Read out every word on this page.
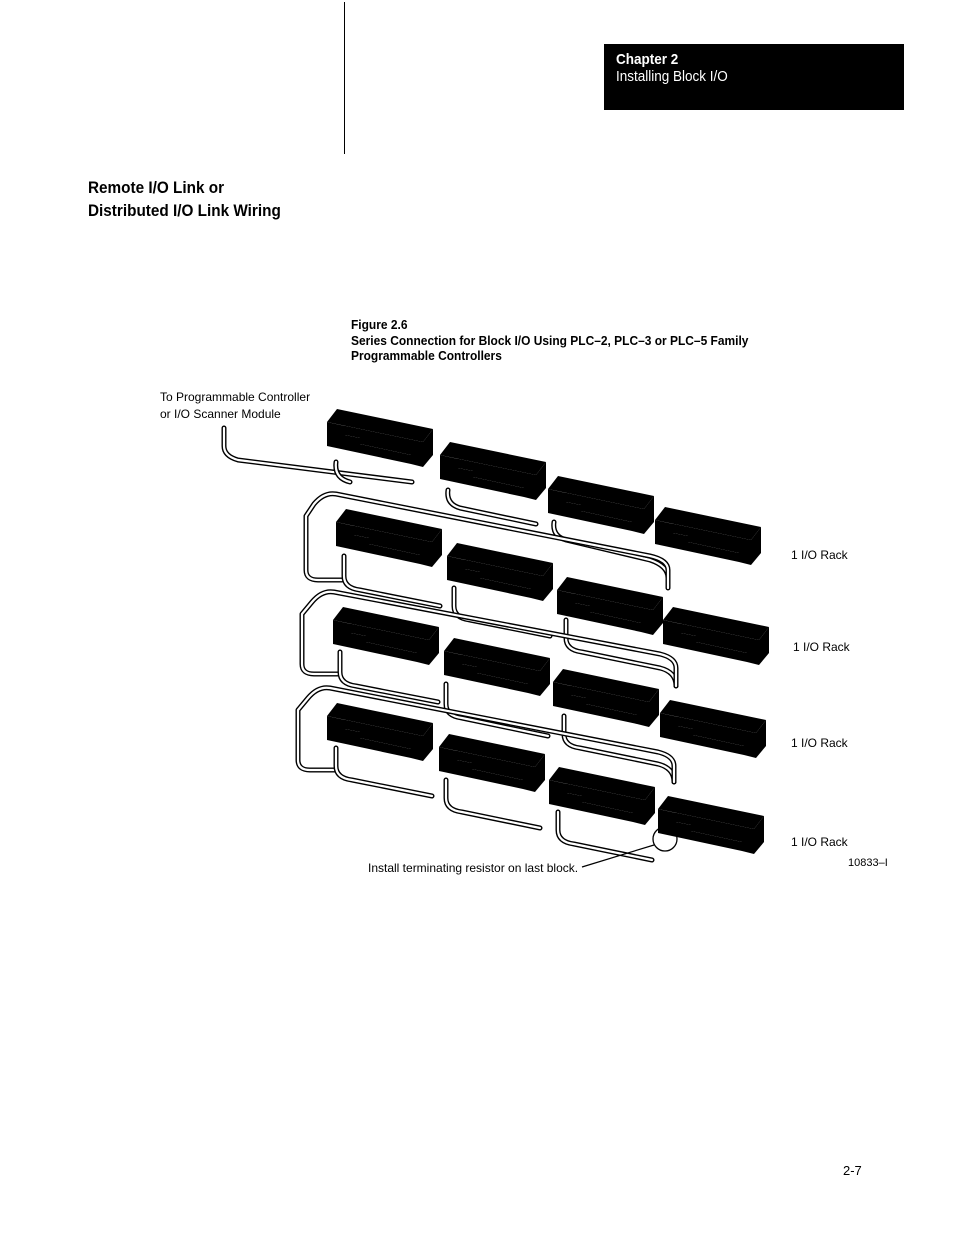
Chapter 2
Installing Block I/O
Remote I/O Link or
Distributed I/O Link Wiring
Figure 2.6
Series Connection for Block I/O Using PLC–2, PLC–3 or PLC–5 Family
Programmable Controllers
To Programmable Controller
or I/O Scanner Module
1 I/O Rack
1 I/O Rack
1 I/O Rack
1 I/O Rack
Install terminating resistor on last block.	10833–I
2-7
